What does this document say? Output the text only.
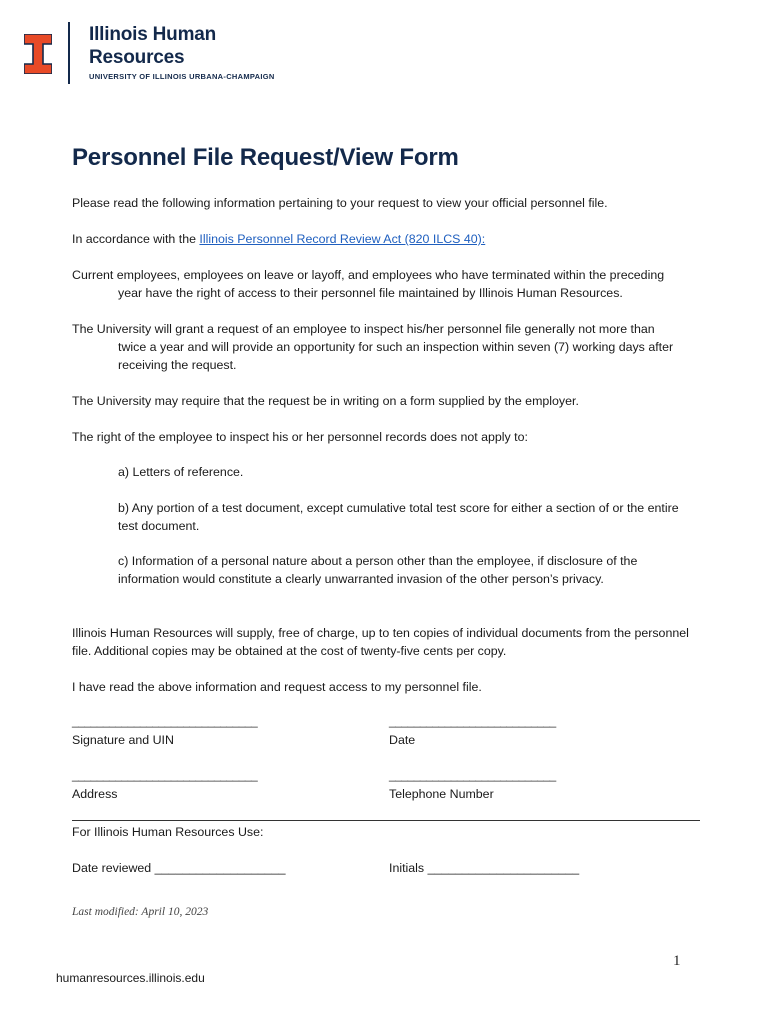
Illinois Human
Resources
UNIVERSITY OF ILLINOIS URBANA-CHAMPAIGN
Personnel File Request/View Form
Please read the following information pertaining to your request to view your official personnel file.
In accordance with the Illinois Personnel Record Review Act (820 ILCS 40):
Current employees, employees on leave or layoff, and employees who have terminated within the preceding
year have the right of access to their personnel file maintained by Illinois Human Resources.
The University will grant a request of an employee to inspect his/her personnel file generally not more than
twice a year and will provide an opportunity for such an inspection within seven (7) working days after receiving the request.
The University may require that the request be in writing on a form supplied by the employer.
The right of the employee to inspect his or her personnel records does not apply to:
a) Letters of reference.
b) Any portion of a test document, except cumulative total test score for either a section of or the entire test document.
c) Information of a personal nature about a person other than the employee, if disclosure of the information would constitute a clearly unwarranted invasion of the other person’s privacy.
Illinois Human Resources will supply, free of charge, up to ten copies of individual documents from the personnel file. Additional copies may be obtained at the cost of twenty-five cents per copy.
I have read the above information and request access to my personnel file.
______________________________
Signature and UIN
___________________________
Date
______________________________
Address
___________________________
Telephone Number
For Illinois Human Resources Use:
Date reviewed ___________________	Initials ______________________
Last modified: April 10, 2023
1
humanresources.illinois.edu
